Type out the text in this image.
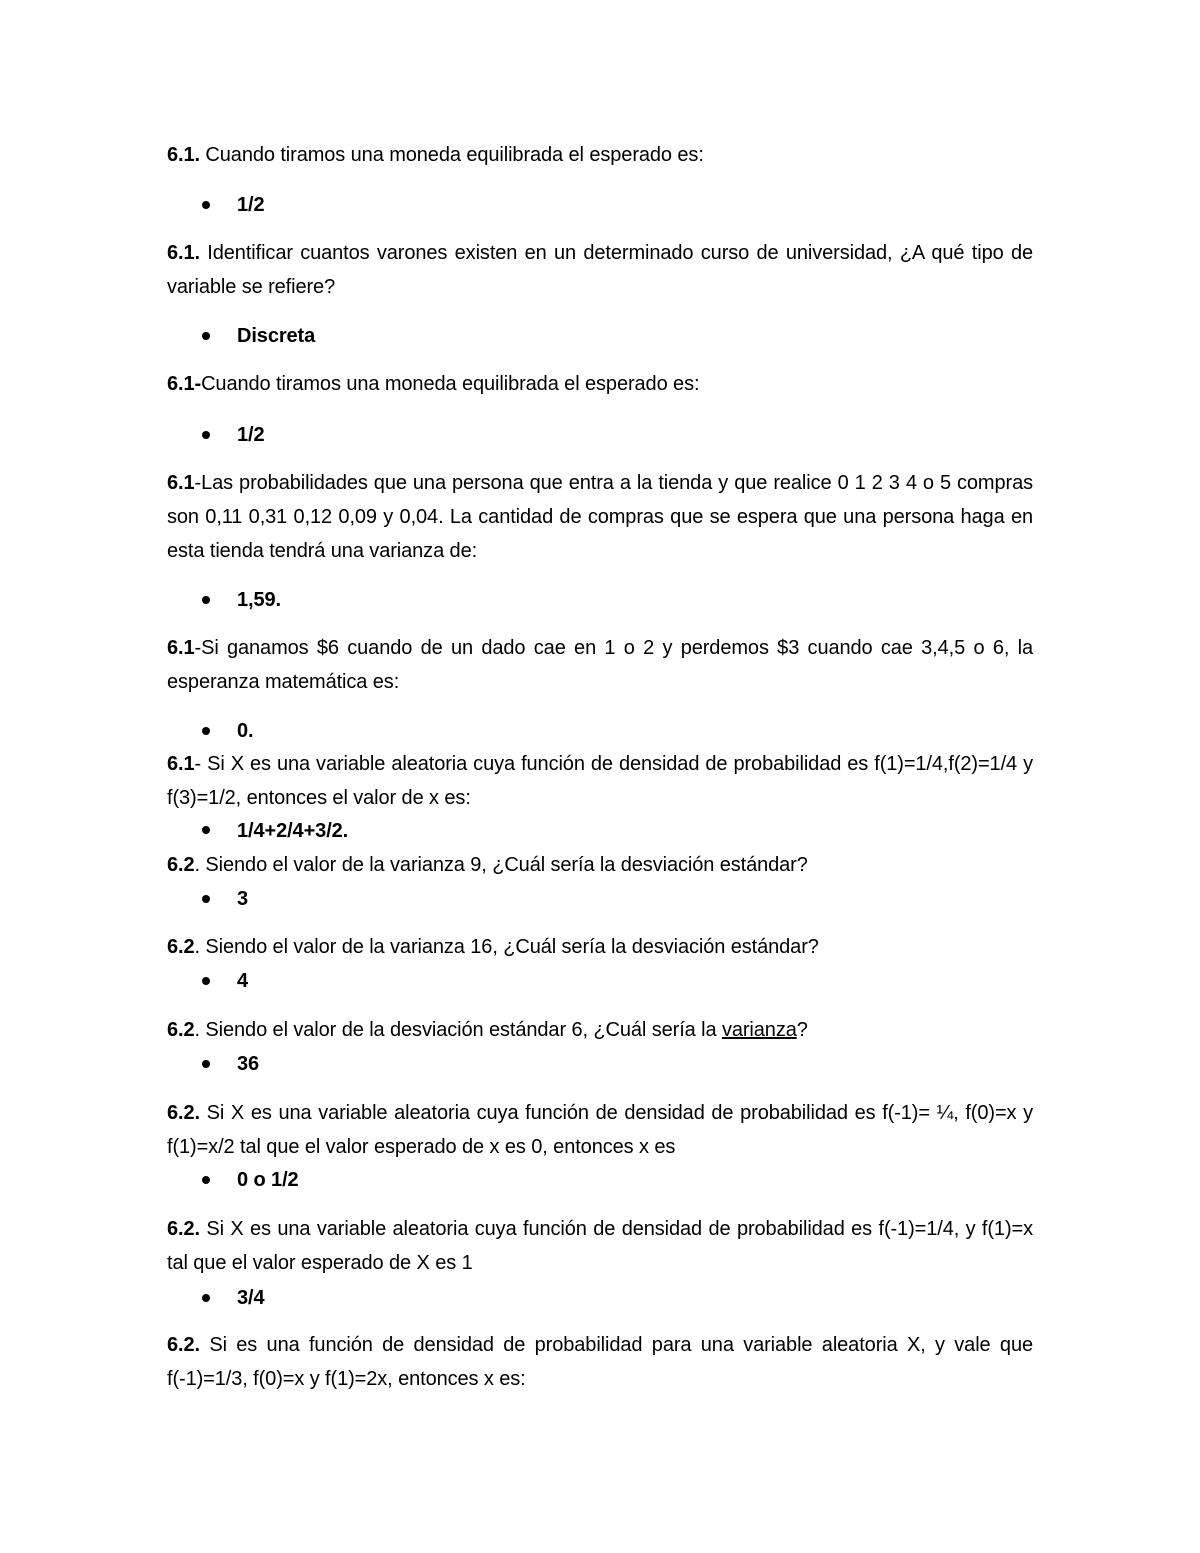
6.1. Cuando tiramos una moneda equilibrada el esperado es:
1/2
6.1. Identificar cuantos varones existen en un determinado curso de universidad, ¿A qué tipo de variable se refiere?
Discreta
6.1-Cuando tiramos una moneda equilibrada el esperado es:
1/2
6.1-Las probabilidades que una persona que entra a la tienda y que realice 0 1 2 3 4 o 5 compras son 0,11 0,31 0,12 0,09 y 0,04. La cantidad de compras que se espera que una persona haga en esta tienda tendrá una varianza de:
1,59.
6.1-Si ganamos $6 cuando de un dado cae en 1 o 2 y perdemos $3 cuando cae 3,4,5 o 6, la esperanza matemática es:
0.
6.1- Si X es una variable aleatoria cuya función de densidad de probabilidad es f(1)=1/4,f(2)=1/4 y f(3)=1/2, entonces el valor de x es:
1/4+2/4+3/2.
6.2. Siendo el valor de la varianza 9, ¿Cuál sería la desviación estándar?
3
6.2. Siendo el valor de la varianza 16, ¿Cuál sería la desviación estándar?
4
6.2. Siendo el valor de la desviación estándar 6, ¿Cuál sería la varianza?
36
6.2. Si X es una variable aleatoria cuya función de densidad de probabilidad es f(-1)= ¼, f(0)=x y f(1)=x/2 tal que el valor esperado de x es 0, entonces x es
0 o 1/2
6.2. Si X es una variable aleatoria cuya función de densidad de probabilidad es f(-1)=1/4, y f(1)=x tal que el valor esperado de X es 1
3/4
6.2. Si es una función de densidad de probabilidad para una variable aleatoria X, y vale que f(-1)=1/3, f(0)=x y f(1)=2x, entonces x es:
